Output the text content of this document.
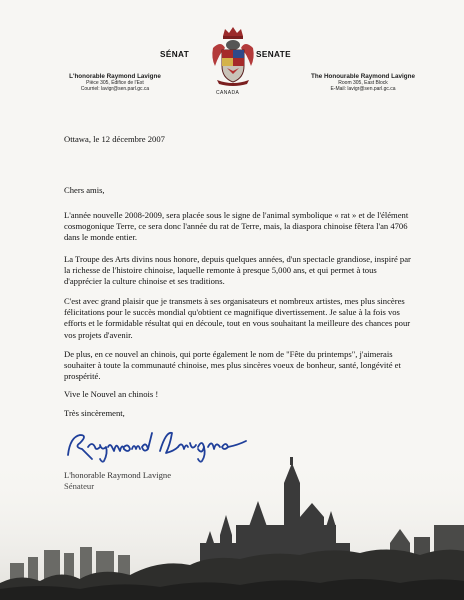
SÉNAT	SENATE
CANADA
L'honorable Raymond Lavigne
Pièce 305, Édifice de l'Est
Courriel: lavigr@sen.parl.gc.ca
The Honourable Raymond Lavigne
Room 305, East Block
E-Mail: lavigr@sen.parl.gc.ca
Ottawa, le 12 décembre 2007
Chers amis,
L'année nouvelle 2008-2009, sera placée sous le signe de l'animal symbolique « rat » et de l'élément cosmogonique Terre, ce sera donc l'année du rat de Terre, mais, la diaspora chinoise fêtera l'an 4706 dans le monde entier.
La Troupe des Arts divins nous honore, depuis quelques années, d'un spectacle grandiose, inspiré par la richesse de l'histoire chinoise, laquelle remonte à presque 5,000 ans, et qui permet à tous d'apprécier la culture chinoise et ses traditions.
C'est avec grand plaisir que je transmets à ses organisateurs et nombreux artistes, mes plus sincères félicitations pour le succès mondial qu'obtient ce magnifique divertissement. Je salue à la fois vos efforts et le formidable résultat qui en découle, tout en vous souhaitant la meilleure des chances pour vos projets d'avenir.
De plus, en ce nouvel an chinois, qui porte également le nom de "Fête du printemps", j'aimerais souhaiter à toute la communauté chinoise, mes plus sincères voeux de bonheur, santé, longévité et prospérité.
Vive le Nouvel an chinois !
Très sincèrement,
